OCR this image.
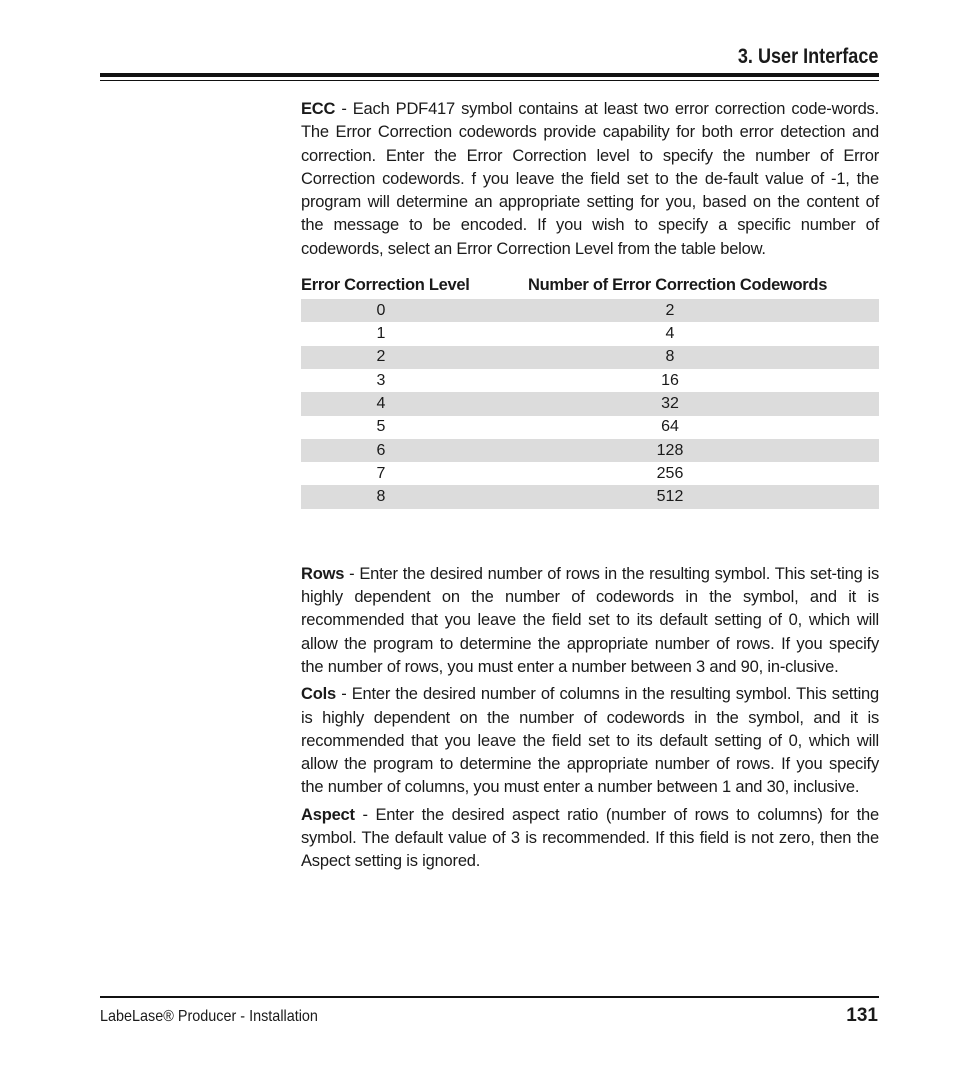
3. User Interface

ECC - Each PDF417 symbol contains at least two error correction code-words. The Error Correction codewords provide capability for both error detection and correction. Enter the Error Correction level to specify the number of Error Correction codewords. f you leave the field set to the de-fault value of -1, the program will determine an appropriate setting for you, based on the content of the message to be encoded. If you wish to specify a specific number of codewords, select an Error Correction Level from the table below.

Error Correction Level	Number of Error Correction Codewords
0	2
1	4
2	8
3	16
4	32
5	64
6	128
7	256
8	512

Rows - Enter the desired number of rows in the resulting symbol. This set-ting is highly dependent on the number of codewords in the symbol, and it is recommended that you leave the field set to its default setting of 0, which will allow the program to determine the appropriate number of rows. If you specify the number of rows, you must enter a number between 3 and 90, in-clusive.

Cols - Enter the desired number of columns in the resulting symbol. This setting is highly dependent on the number of codewords in the symbol, and it is recommended that you leave the field set to its default setting of 0, which will allow the program to determine the appropriate number of rows. If you specify the number of columns, you must enter a number between 1 and 30, inclusive.

Aspect - Enter the desired aspect ratio (number of rows to columns) for the symbol. The default value of 3 is recommended. If this field is not zero, then the Aspect setting is ignored.

LabeLase® Producer - Installation	131
